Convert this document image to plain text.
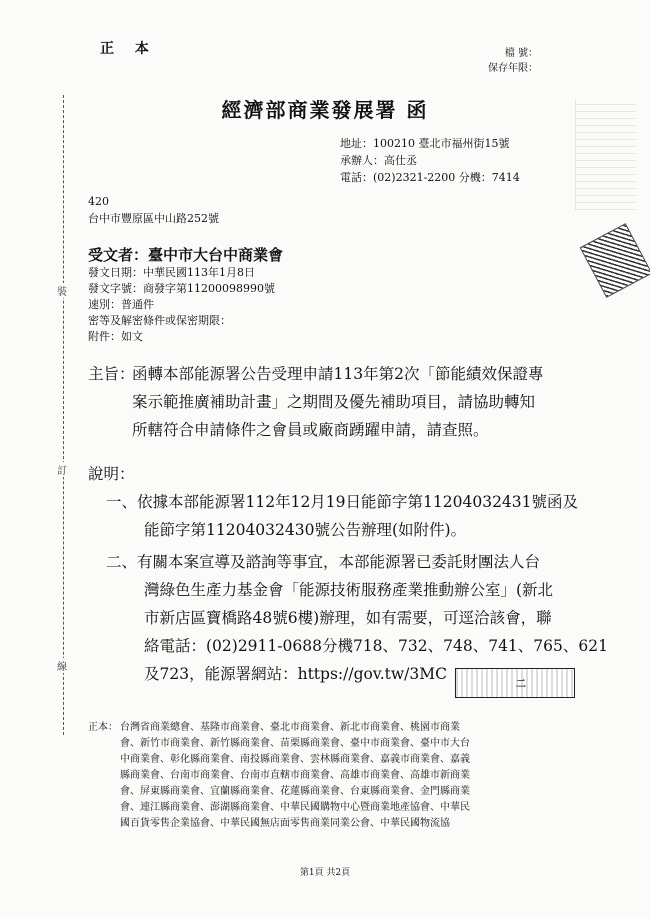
裝
訂
線
正 本	檔 號：
保存年限：
經濟部商業發展署 函
地址：100210 臺北市福州街15號
承辦人：高仕丞
電話：(02)2321-2200 分機：7414
420
台中市豐原區中山路252號
受文者：臺中市大台中商業會
發文日期：中華民國113年1月8日
發文字號：商發字第11200098990號
速別：普通件
密等及解密條件或保密期限：
附件：如文
主旨：函轉本部能源署公告受理申請113年第2次「節能績效保證專
案示範推廣補助計畫」之期間及優先補助項目，請協助轉知
所轄符合申請條件之會員或廠商踴躍申請，請查照。
說明：
一、依據本部能源署112年12月19日能節字第11204032431號函及
能節字第11204032430號公告辦理(如附件)。
二、有關本案宣導及諮詢等事宜，本部能源署已委託財團法人台
灣綠色生產力基金會「能源技術服務產業推動辦公室」(新北
市新店區寶橋路48號6樓)辦理，如有需要，可逕洽該會，聯
絡電話：(02)2911-0688分機718、732、748、741、765、621
及723，能源署網站：https://gov.tw/3MC
二
正本： 台灣省商業總會、基隆市商業會、臺北市商業會、新北市商業會、桃園市商業
會、新竹市商業會、新竹縣商業會、苗栗縣商業會、臺中市商業會、臺中市大台
中商業會、彰化縣商業會、南投縣商業會、雲林縣商業會、嘉義市商業會、嘉義
縣商業會、台南市商業會、台南市直轄市商業會、高雄市商業會、高雄市新商業
會、屏東縣商業會、宜蘭縣商業會、花蓮縣商業會、台東縣商業會、金門縣商業
會、連江縣商業會、澎湖縣商業會、中華民國購物中心暨商業地產協會、中華民
國百貨零售企業協會、中華民國無店面零售商業同業公會、中華民國物流協
第1頁 共2頁
